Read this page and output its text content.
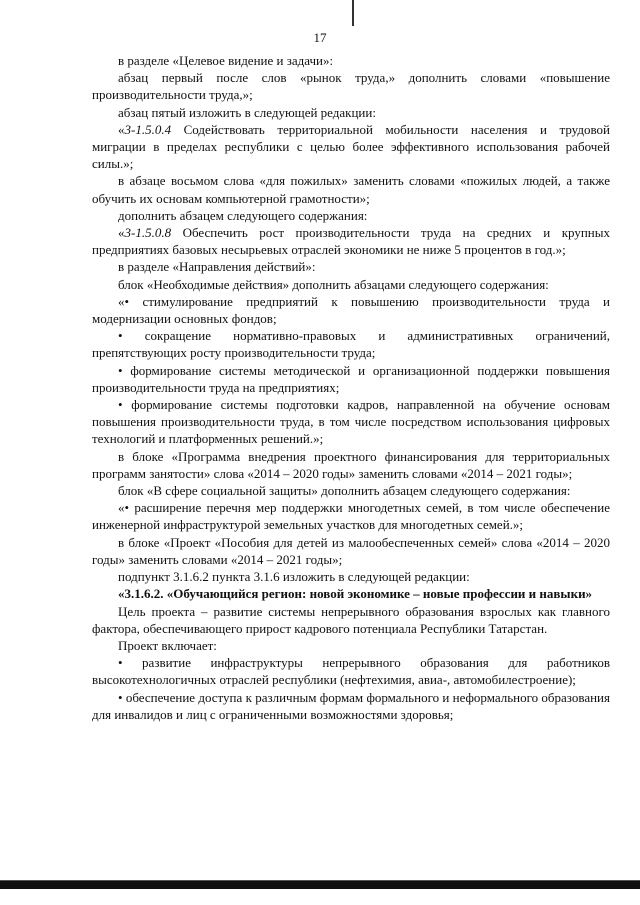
17

в разделе «Целевое видение и задачи»:

абзац первый после слов «рынок труда,» дополнить словами «повышение производительности труда,»;

абзац пятый изложить в следующей редакции:

«3-1.5.0.4 Содействовать территориальной мобильности населения и трудовой миграции в пределах республики с целью более эффективного использования рабочей силы.»;

в абзаце восьмом слова «для пожилых» заменить словами «пожилых людей, а также обучить их основам компьютерной грамотности»;

дополнить абзацем следующего содержания:

«3-1.5.0.8 Обеспечить рост производительности труда на средних и крупных предприятиях базовых несырьевых отраслей экономики не ниже 5 процентов в год.»;

в разделе «Направления действий»:

блок «Необходимые действия» дополнить абзацами следующего содержания:

«• стимулирование предприятий к повышению производительности труда и модернизации основных фондов;

• сокращение нормативно-правовых и административных ограничений, препятствующих росту производительности труда;

• формирование системы методической и организационной поддержки повышения производительности труда на предприятиях;

• формирование системы подготовки кадров, направленной на обучение основам повышения производительности труда, в том числе посредством использования цифровых технологий и платформенных решений.»;

в блоке «Программа внедрения проектного финансирования для территориальных программ занятости» слова «2014 – 2020 годы» заменить словами «2014 – 2021 годы»;

блок «В сфере социальной защиты» дополнить абзацем следующего содержания:

«• расширение перечня мер поддержки многодетных семей, в том числе обеспечение инженерной инфраструктурой земельных участков для многодетных семей.»;

в блоке «Проект «Пособия для детей из малообеспеченных семей» слова «2014 – 2020 годы» заменить словами «2014 – 2021 годы»;

подпункт 3.1.6.2 пункта 3.1.6 изложить в следующей редакции:

«3.1.6.2. «Обучающийся регион: новой экономике – новые профессии и навыки»

Цель проекта – развитие системы непрерывного образования взрослых как главного фактора, обеспечивающего прирост кадрового потенциала Республики Татарстан.

Проект включает:

• развитие инфраструктуры непрерывного образования для работников высокотехнологичных отраслей республики (нефтехимия, авиа-, автомобилестроение);

• обеспечение доступа к различным формам формального и неформального образования для инвалидов и лиц с ограниченными возможностями здоровья;
